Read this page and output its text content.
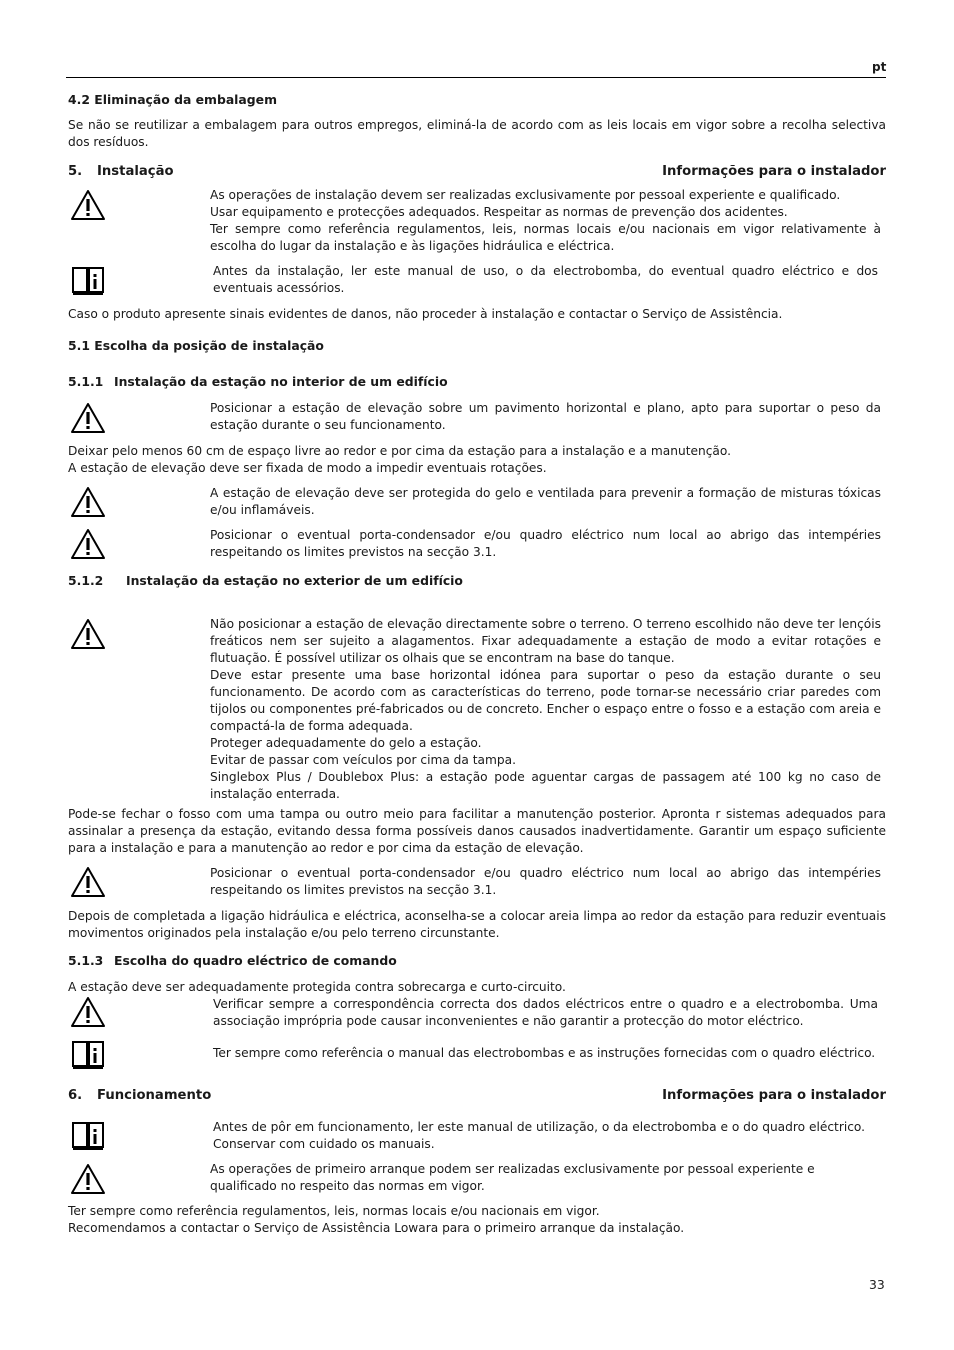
pt
4.2 Eliminação da embalagem
Se não se reutilizar a embalagem para outros empregos, eliminá-la de acordo com as leis locais em vigor sobre a recolha selectiva dos resíduos.
5. Instalação	Informações para o instalador
As operações de instalação devem ser realizadas exclusivamente por pessoal experiente e qualificado.
Usar equipamento e protecções adequados. Respeitar as normas de prevenção dos acidentes.
Ter sempre como referência regulamentos, leis, normas locais e/ou nacionais em vigor relativamente à escolha do lugar da instalação e às ligações hidráulica e eléctrica.
Antes da instalação, ler este manual de uso, o da electrobomba, do eventual quadro eléctrico e dos eventuais acessórios.
Caso o produto apresente sinais evidentes de danos, não proceder à instalação e contactar o Serviço de Assistência.
5.1 Escolha da posição de instalação
5.1.1 Instalação da estação no interior de um edifício
Posicionar a estação de elevação sobre um pavimento horizontal e plano, apto para suportar o peso da estação durante o seu funcionamento.
Deixar pelo menos 60 cm de espaço livre ao redor e por cima da estação para a instalação e a manutenção.
A estação de elevação deve ser fixada de modo a impedir eventuais rotações.
A estação de elevação deve ser protegida do gelo e ventilada para prevenir a formação de misturas tóxicas e/ou inflamáveis.
Posicionar o eventual porta-condensador e/ou quadro eléctrico num local ao abrigo das intempéries respeitando os limites previstos na secção 3.1.
5.1.2 Instalação da estação no exterior de um edifício
Não posicionar a estação de elevação directamente sobre o terreno. O terreno escolhido não deve ter lençóis freáticos nem ser sujeito a alagamentos. Fixar adequadamente a estação de modo a evitar rotações e flutuação. É possível utilizar os olhais que se encontram na base do tanque.
Deve estar presente uma base horizontal idónea para suportar o peso da estação durante o seu funcionamento. De acordo com as características do terreno, pode tornar-se necessário criar paredes com tijolos ou componentes pré-fabricados ou de concreto. Encher o espaço entre o fosso e a estação com areia e compactá-la de forma adequada.
Proteger adequadamente do gelo a estação.
Evitar de passar com veículos por cima da tampa.
Singlebox Plus / Doublebox Plus: a estação pode aguentar cargas de passagem até 100 kg no caso de instalação enterrada.
Pode-se fechar o fosso com uma tampa ou outro meio para facilitar a manutenção posterior. Apronta r sistemas adequados para assinalar a presença da estação, evitando dessa forma possíveis danos causados inadvertidamente. Garantir um espaço suficiente para a instalação e para a manutenção ao redor e por cima da estação de elevação.
Posicionar o eventual porta-condensador e/ou quadro eléctrico num local ao abrigo das intempéries respeitando os limites previstos na secção 3.1.
Depois de completada a ligação hidráulica e eléctrica, aconselha-se a colocar areia limpa ao redor da estação para reduzir eventuais movimentos originados pela instalação e/ou pelo terreno circunstante.
5.1.3 Escolha do quadro eléctrico de comando
A estação deve ser adequadamente protegida contra sobrecarga e curto-circuito.
Verificar sempre a correspondência correcta dos dados eléctricos entre o quadro e a electrobomba. Uma associação imprópria pode causar inconvenientes e não garantir a protecção do motor eléctrico.
Ter sempre como referência o manual das electrobombas e as instruções fornecidas com o quadro eléctrico.
6. Funcionamento	Informações para o instalador
Antes de pôr em funcionamento, ler este manual de utilização, o da electrobomba e o do quadro eléctrico. Conservar com cuidado os manuais.
As operações de primeiro arranque podem ser realizadas exclusivamente por pessoal experiente e qualificado no respeito das normas em vigor.
Ter sempre como referência regulamentos, leis, normas locais e/ou nacionais em vigor.
Recomendamos a contactar o Serviço de Assistência Lowara para o primeiro arranque da instalação.
33
